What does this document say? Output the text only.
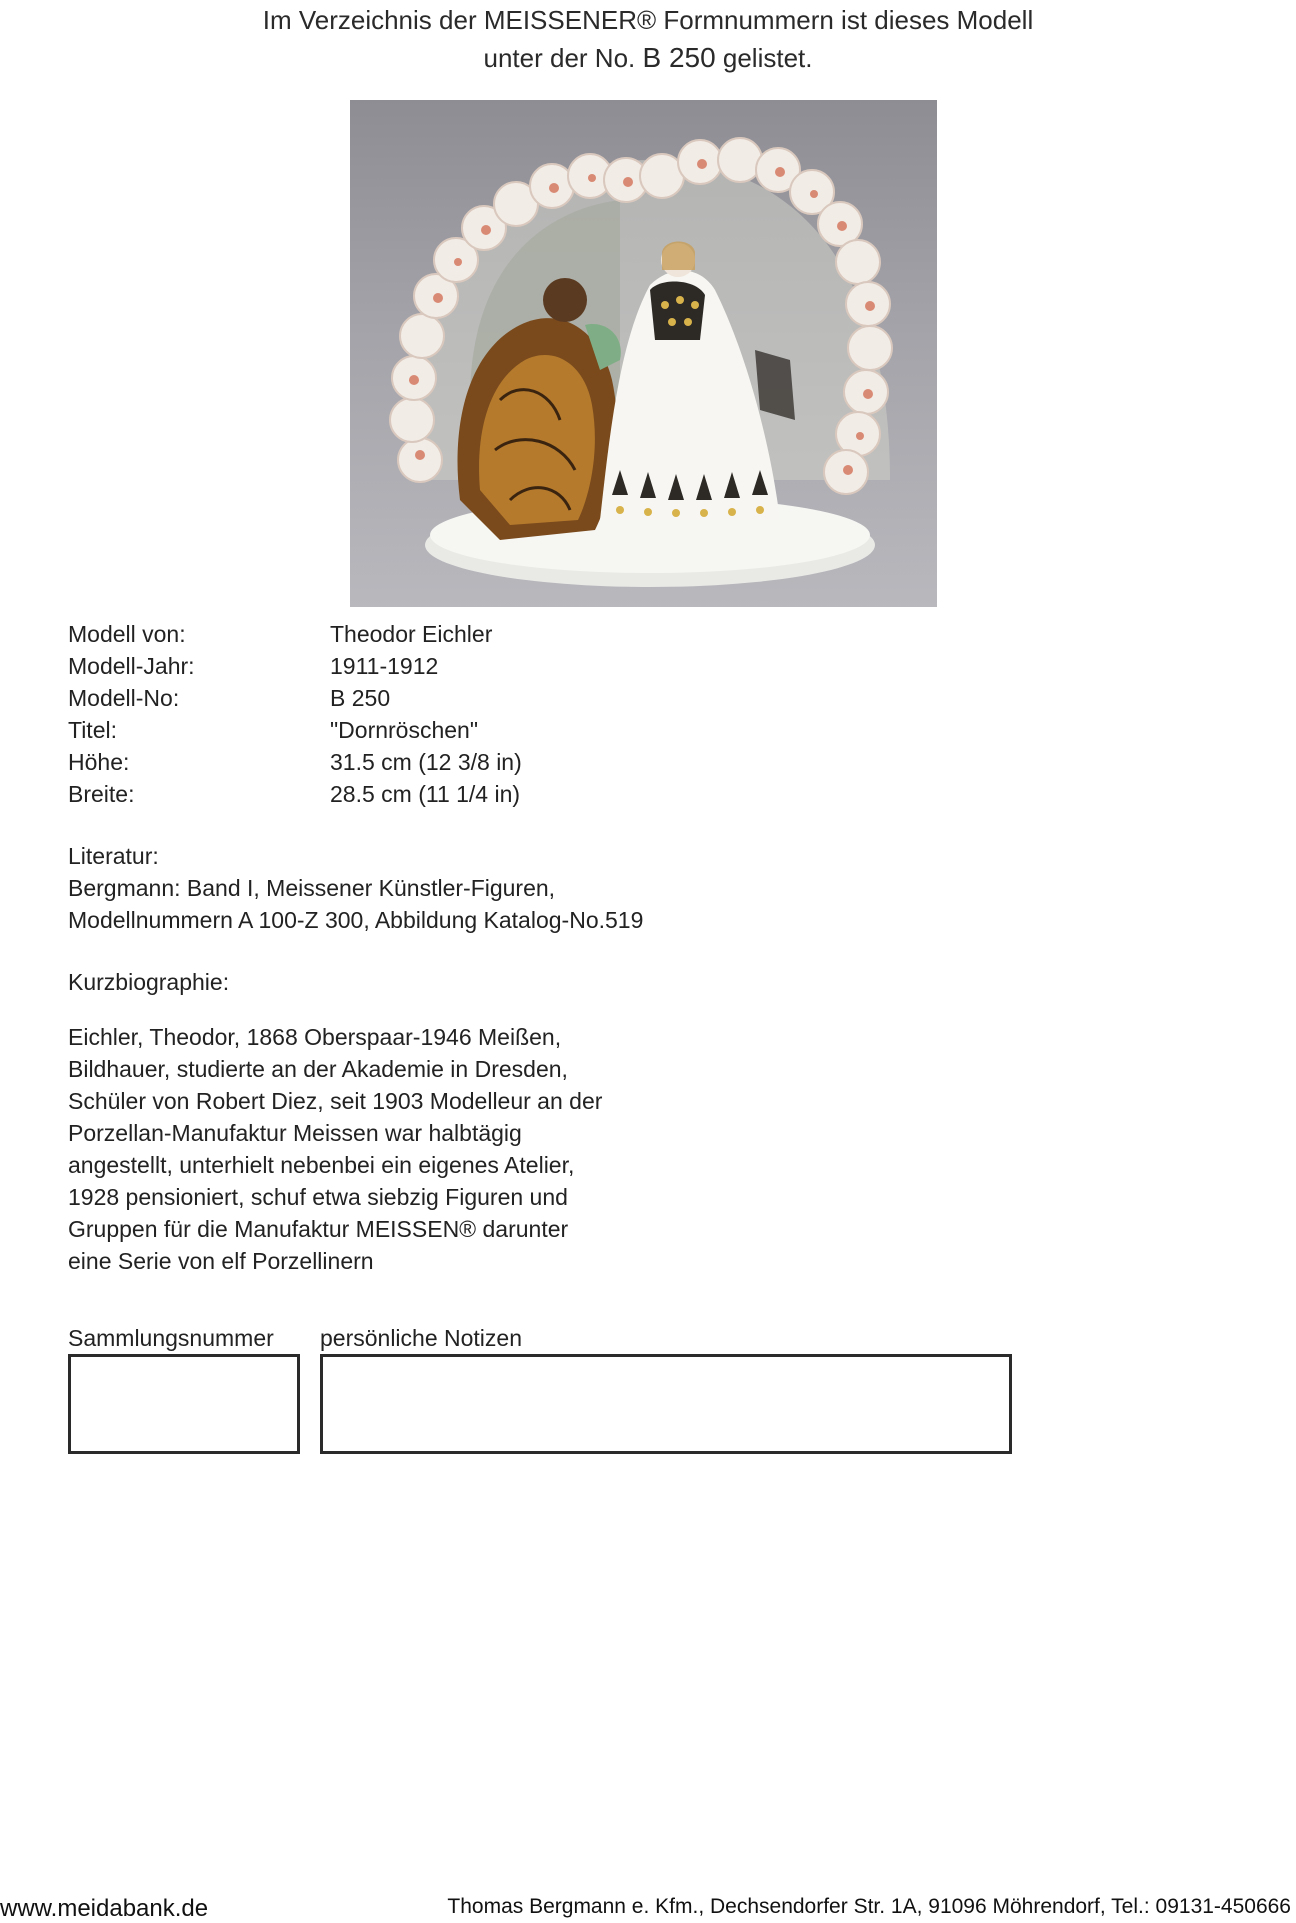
Im Verzeichnis der MEISSENER® Formnummern ist dieses Modell
unter der No. B 250 gelistet.
Modell von:	Theodor Eichler
Modell-Jahr:	1911-1912
Modell-No:	B 250
Titel:	"Dornröschen"
Höhe:	31.5 cm (12 3/8 in)
Breite:	28.5 cm (11 1/4 in)
Literatur:
Bergmann: Band I, Meissener Künstler-Figuren,
Modellnummern A 100-Z 300, Abbildung Katalog-No.519
Kurzbiographie:
Eichler, Theodor, 1868 Oberspaar-1946 Meißen,
Bildhauer, studierte an der Akademie in Dresden,
Schüler von Robert Diez, seit 1903 Modelleur an der
Porzellan-Manufaktur Meissen war halbtägig
angestellt, unterhielt nebenbei ein eigenes Atelier,
1928 pensioniert, schuf etwa siebzig Figuren und
Gruppen für die Manufaktur MEISSEN® darunter
eine Serie von elf Porzellinern
Sammlungsnummer persönliche Notizen
www.meidabank.de	Thomas Bergmann e. Kfm., Dechsendorfer Str. 1A, 91096 Möhrendorf, Tel.: 09131-450666
